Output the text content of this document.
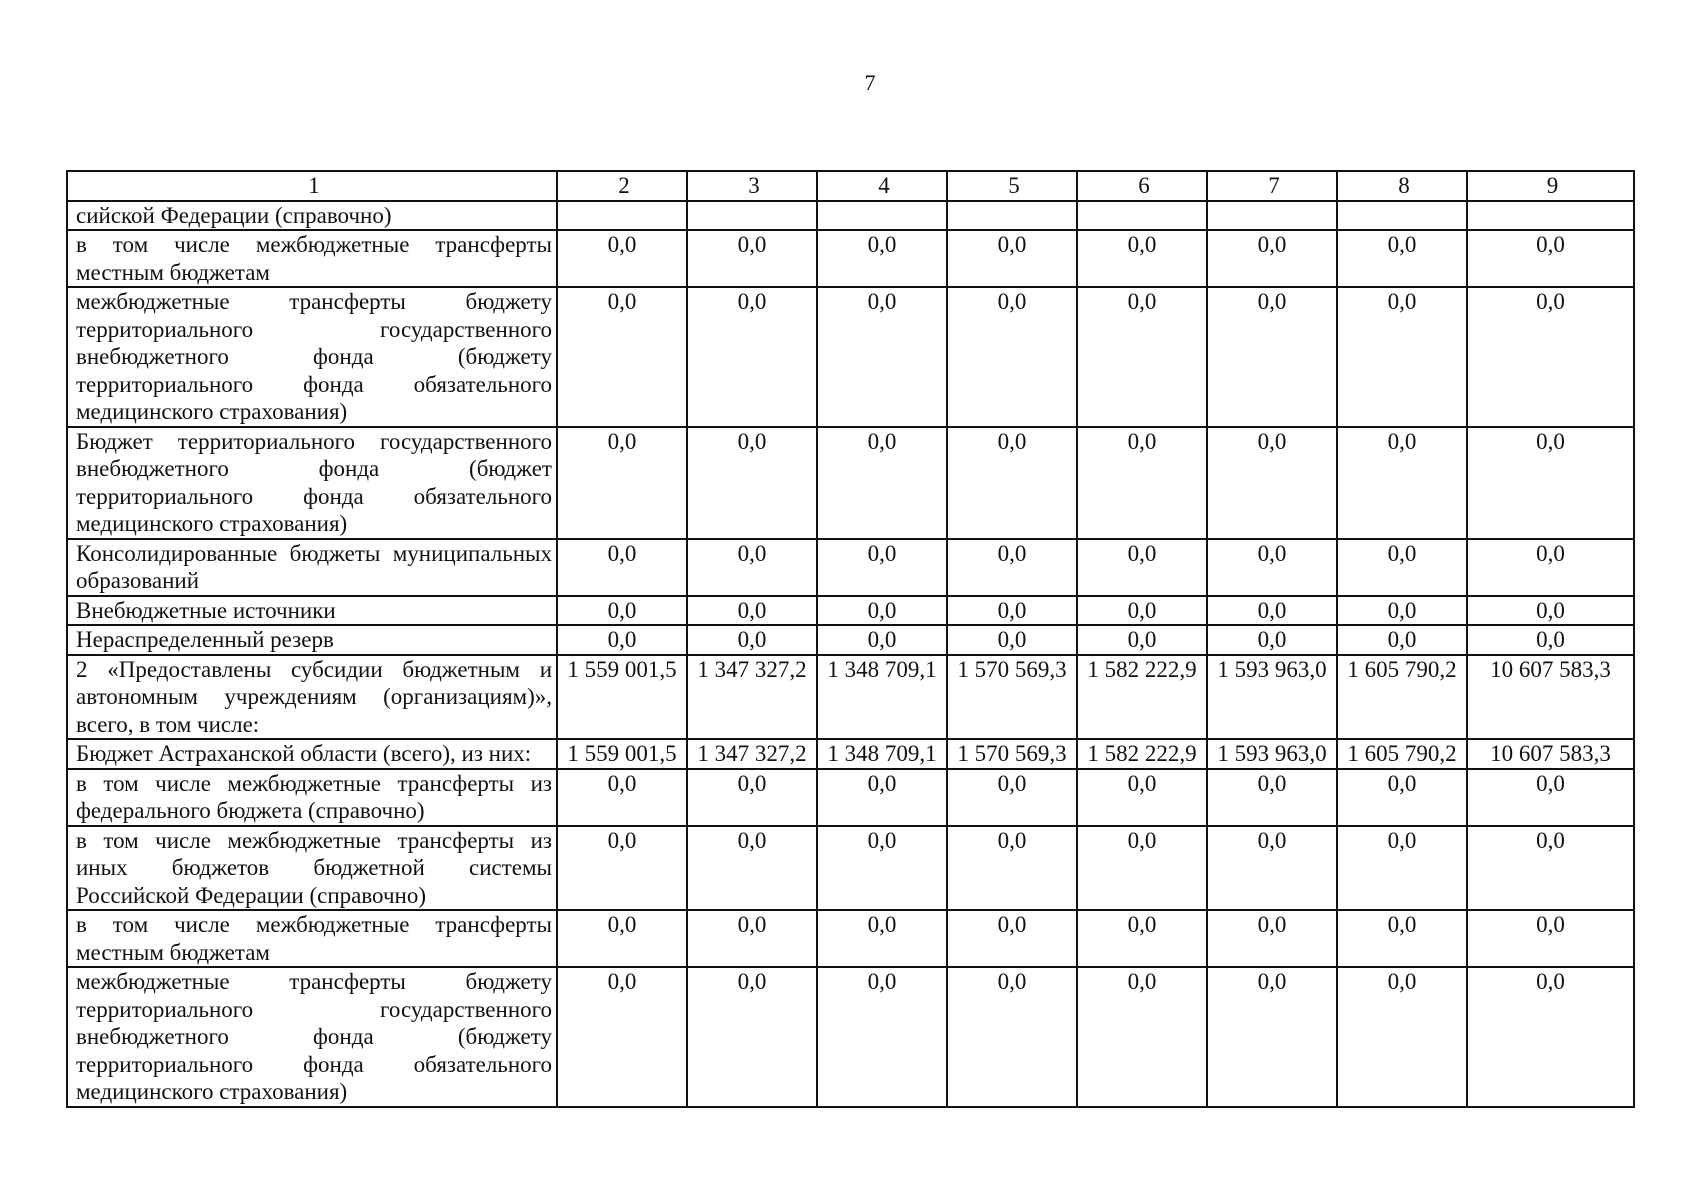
7
1	2	3	4	5	6	7	8	9
сийской Федерации (справочно)								
в том числе межбюджетные трансферты местным бюджетам	0,0	0,0	0,0	0,0	0,0	0,0	0,0	0,0
межбюджетные трансферты бюджету территориального государственного внебюджетного фонда (бюджету территориального фонда обязательного медицинского страхования)	0,0	0,0	0,0	0,0	0,0	0,0	0,0	0,0
Бюджет территориального государственного внебюджетного фонда (бюджет территориального фонда обязательного медицинского страхования)	0,0	0,0	0,0	0,0	0,0	0,0	0,0	0,0
Консолидированные бюджеты муниципальных образований	0,0	0,0	0,0	0,0	0,0	0,0	0,0	0,0
Внебюджетные источники	0,0	0,0	0,0	0,0	0,0	0,0	0,0	0,0
Нераспределенный резерв	0,0	0,0	0,0	0,0	0,0	0,0	0,0	0,0
2 «Предоставлены субсидии бюджетным и автономным учреждениям (организациям)», всего, в том числе:	1 559 001,5	1 347 327,2	1 348 709,1	1 570 569,3	1 582 222,9	1 593 963,0	1 605 790,2	10 607 583,3
Бюджет Астраханской области (всего), из них:	1 559 001,5	1 347 327,2	1 348 709,1	1 570 569,3	1 582 222,9	1 593 963,0	1 605 790,2	10 607 583,3
в том числе межбюджетные трансферты из федерального бюджета (справочно)	0,0	0,0	0,0	0,0	0,0	0,0	0,0	0,0
в том числе межбюджетные трансферты из иных бюджетов бюджетной системы Российской Федерации (справочно)	0,0	0,0	0,0	0,0	0,0	0,0	0,0	0,0
в том числе межбюджетные трансферты местным бюджетам	0,0	0,0	0,0	0,0	0,0	0,0	0,0	0,0
межбюджетные трансферты бюджету территориального государственного внебюджетного фонда (бюджету территориального фонда обязательного медицинского страхования)	0,0	0,0	0,0	0,0	0,0	0,0	0,0	0,0
